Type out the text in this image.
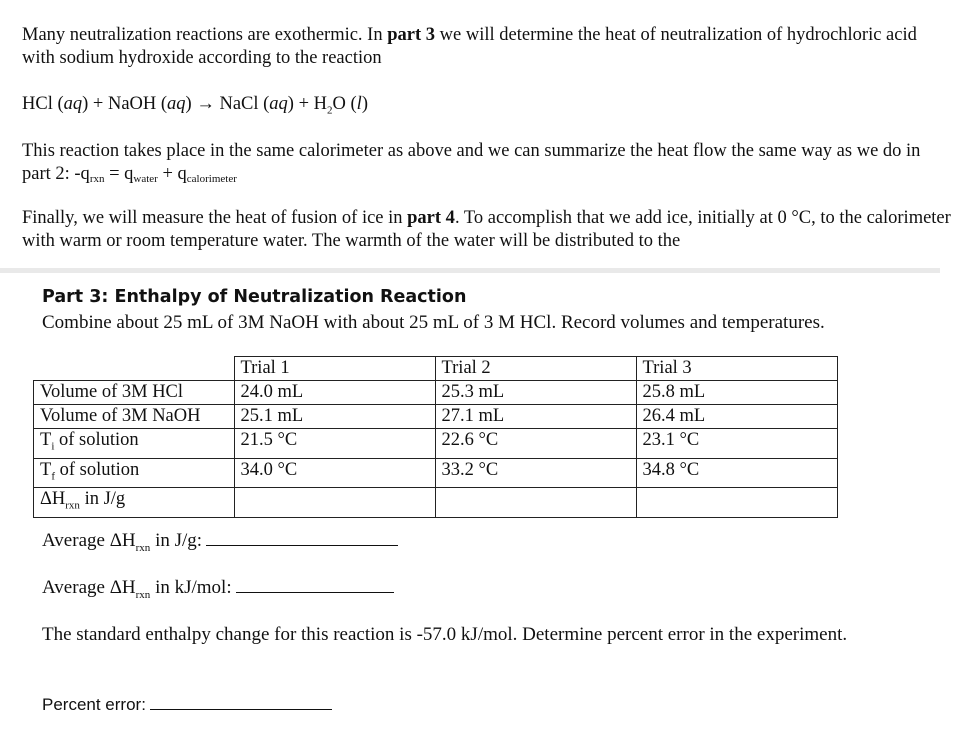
Many neutralization reactions are exothermic. In part 3 we will determine the heat of neutralization of hydrochloric acid with sodium hydroxide according to the reaction

HCl (aq) + NaOH (aq) → NaCl $(aq) + H_2O$ (l)

This reaction takes place in the same calorimeter as above and we can summarize the heat flow the same way as we do in part 2: -qrxn = qwater + qcalorimeter

Finally, we will measure the heat of fusion of ice in part 4. To accomplish that we add ice, initially at 0 °C, to the calorimeter with warm or room temperature water. The warmth of the water will be distributed to the

Part 3: Enthalpy of Neutralization Reaction
Combine about 25 mL of 3M NaOH with about 25 mL of 3 M HCl. Record volumes and temperatures.
	Trial 1	Trial 2	Trial 3
Volume of 3M HCl	24.0 mL	25.3 mL	25.8 mL
Volume of 3M NaOH	25.1 mL	27.1 mL	26.4 mL
$T_i$ of solution	21.5 °C	22.6 °C	23.1 °C
$T_f$ of solution	34.0 °C	33.2 °C	34.8 °C
$\Delta H_{rxn}$ in J/g			
Average $\Delta H_{rxn}$ in J/g:
Average $\Delta H_{rxn}$ in kJ/mol:
The standard enthalpy change for this reaction is -57.0 kJ/mol. Determine percent error in the experiment.
Percent error:
